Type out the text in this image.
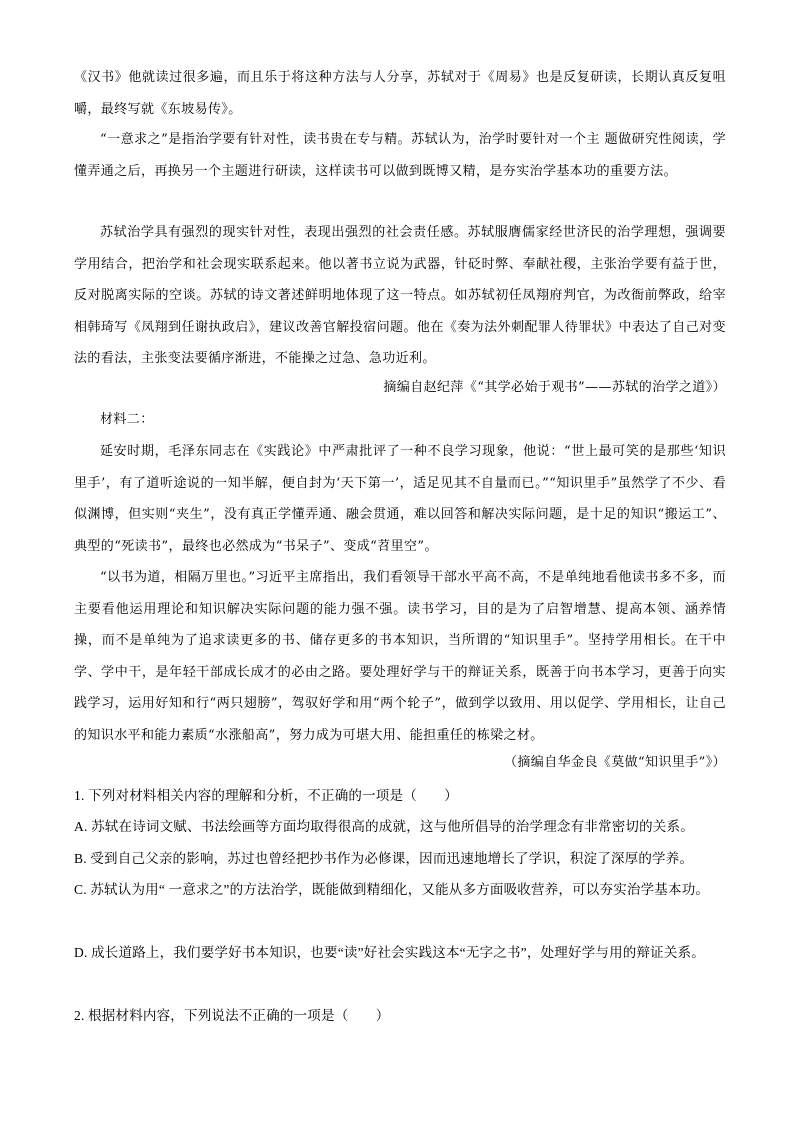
《汉书》他就读过很多遍，而且乐于将这种方法与人分享，苏轼对于《周易》也是反复研读，长期认真反复咀嚼，最终写就《东坡易传》。

“一意求之”是指治学要有针对性，读书贵在专与精。苏轼认为，治学时要针对一个主 题做研究性阅读，学懂弄通之后，再换另一个主题进行研读，这样读书可以做到既博又精，是夯实治学基本功的重要方法。

苏轼治学具有强烈的现实针对性，表现出强烈的社会责任感。苏轼服膺儒家经世济民的治学理想，强调要学用结合，把治学和社会现实联系起来。他以著书立说为武器，针砭时弊、奉献社稷，主张治学要有益于世，反对脱离实际的空谈。苏轼的诗文著述鲜明地体现了这一特点。如苏轼初任凤翔府判官，为改衙前弊政，给宰相韩琦写《凤翔到任谢执政启》，建议改善官解投宿问题。他在《奏为法外刺配罪人待罪状》中表达了自己对变法的看法，主张变法要循序渐进，不能操之过急、急功近利。

摘编自赵纪萍《“其学必始于观书”——苏轼的治学之道》）

材料二：

延安时期，毛泽东同志在《实践论》中严肃批评了一种不良学习现象，他说：“世上最可笑的是那些‘知识里手’，有了道听途说的一知半解，便自封为‘天下第一’，适足见其不自量而已。”“知识里手”虽然学了不少、看似渊博，但实则“夹生”，没有真正学懂弄通、融会贯通，难以回答和解决实际问题，是十足的知识“搬运工”、典型的“死读书”，最终也必然成为“书呆子”、变成“苕里空”。

“以书为道，相隔万里也。”习近平主席指出，我们看领导干部水平高不高，不是单纯地看他读书多不多，而主要看他运用理论和知识解决实际问题的能力强不强。读书学习，目的是为了启智增慧、提高本领、涵养情操，而不是单纯为了追求读更多的书、储存更多的书本知识，当所谓的“知识里手”。坚持学用相长。在干中学、学中干，是年轻干部成长成才的必由之路。要处理好学与干的辩证关系，既善于向书本学习，更善于向实践学习，运用好知和行“两只翅膀”，驾驭好学和用“两个轮子”，做到学以致用、用以促学、学用相长，让自己的知识水平和能力素质“水涨船高”，努力成为可堪大用、能担重任的栋梁之材。

（摘编自华金良《莫做“知识里手”》）

1. 下列对材料相关内容的理解和分析，不正确的一项是（　　）

A. 苏轼在诗词文赋、书法绘画等方面均取得很高的成就，这与他所倡导的治学理念有非常密切的关系。

B. 受到自己父亲的影响，苏过也曾经把抄书作为必修课，因而迅速地增长了学识，积淀了深厚的学养。

C. 苏轼认为用“ 一意求之”的方法治学，既能做到精细化，又能从多方面吸收营养，可以夯实治学基本功。

D. 成长道路上，我们要学好书本知识，也要“读”好社会实践这本“无字之书”，处理好学与用的辩证关系。

2. 根据材料内容，下列说法不正确的一项是（　　）
